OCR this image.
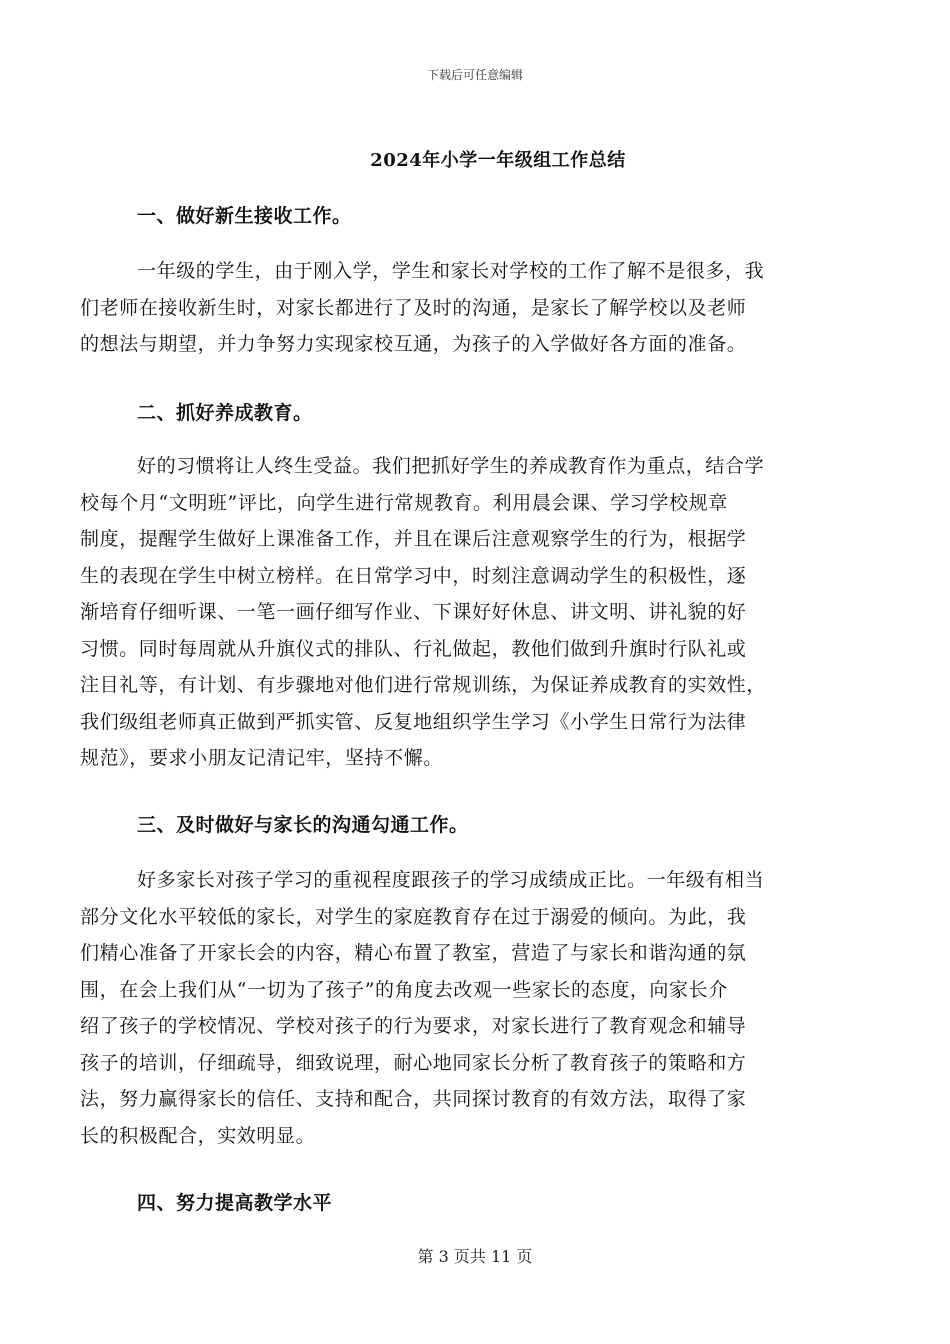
下载后可任意编辑
2024年小学一年级组工作总结
一、做好新生接收工作。
一年级的学生，由于刚入学，学生和家长对学校的工作了解不是很多，我
们老师在接收新生时，对家长都进行了及时的沟通，是家长了解学校以及老师
的想法与期望，并力争努力实现家校互通，为孩子的入学做好各方面的准备。
二、抓好养成教育。
好的习惯将让人终生受益。我们把抓好学生的养成教育作为重点，结合学
校每个月“文明班”评比，向学生进行常规教育。利用晨会课、学习学校规章
制度，提醒学生做好上课准备工作，并且在课后注意观察学生的行为，根据学
生的表现在学生中树立榜样。在日常学习中，时刻注意调动学生的积极性，逐
渐培育仔细听课、一笔一画仔细写作业、下课好好休息、讲文明、讲礼貌的好
习惯。同时每周就从升旗仪式的排队、行礼做起，教他们做到升旗时行队礼或
注目礼等，有计划、有步骤地对他们进行常规训练，为保证养成教育的实效性，
我们级组老师真正做到严抓实管、反复地组织学生学习《小学生日常行为法律
规范》，要求小朋友记清记牢，坚持不懈。
三、及时做好与家长的沟通勾通工作。
好多家长对孩子学习的重视程度跟孩子的学习成绩成正比。一年级有相当
部分文化水平较低的家长，对学生的家庭教育存在过于溺爱的倾向。为此，我
们精心准备了开家长会的内容，精心布置了教室，营造了与家长和谐沟通的氛
围，在会上我们从“一切为了孩子”的角度去改观一些家长的态度，向家长介
绍了孩子的学校情况、学校对孩子的行为要求，对家长进行了教育观念和辅导
孩子的培训，仔细疏导，细致说理，耐心地同家长分析了教育孩子的策略和方
法，努力赢得家长的信任、支持和配合，共同探讨教育的有效方法，取得了家
长的积极配合，实效明显。
四、努力提高教学水平
第 3 页共 11 页
